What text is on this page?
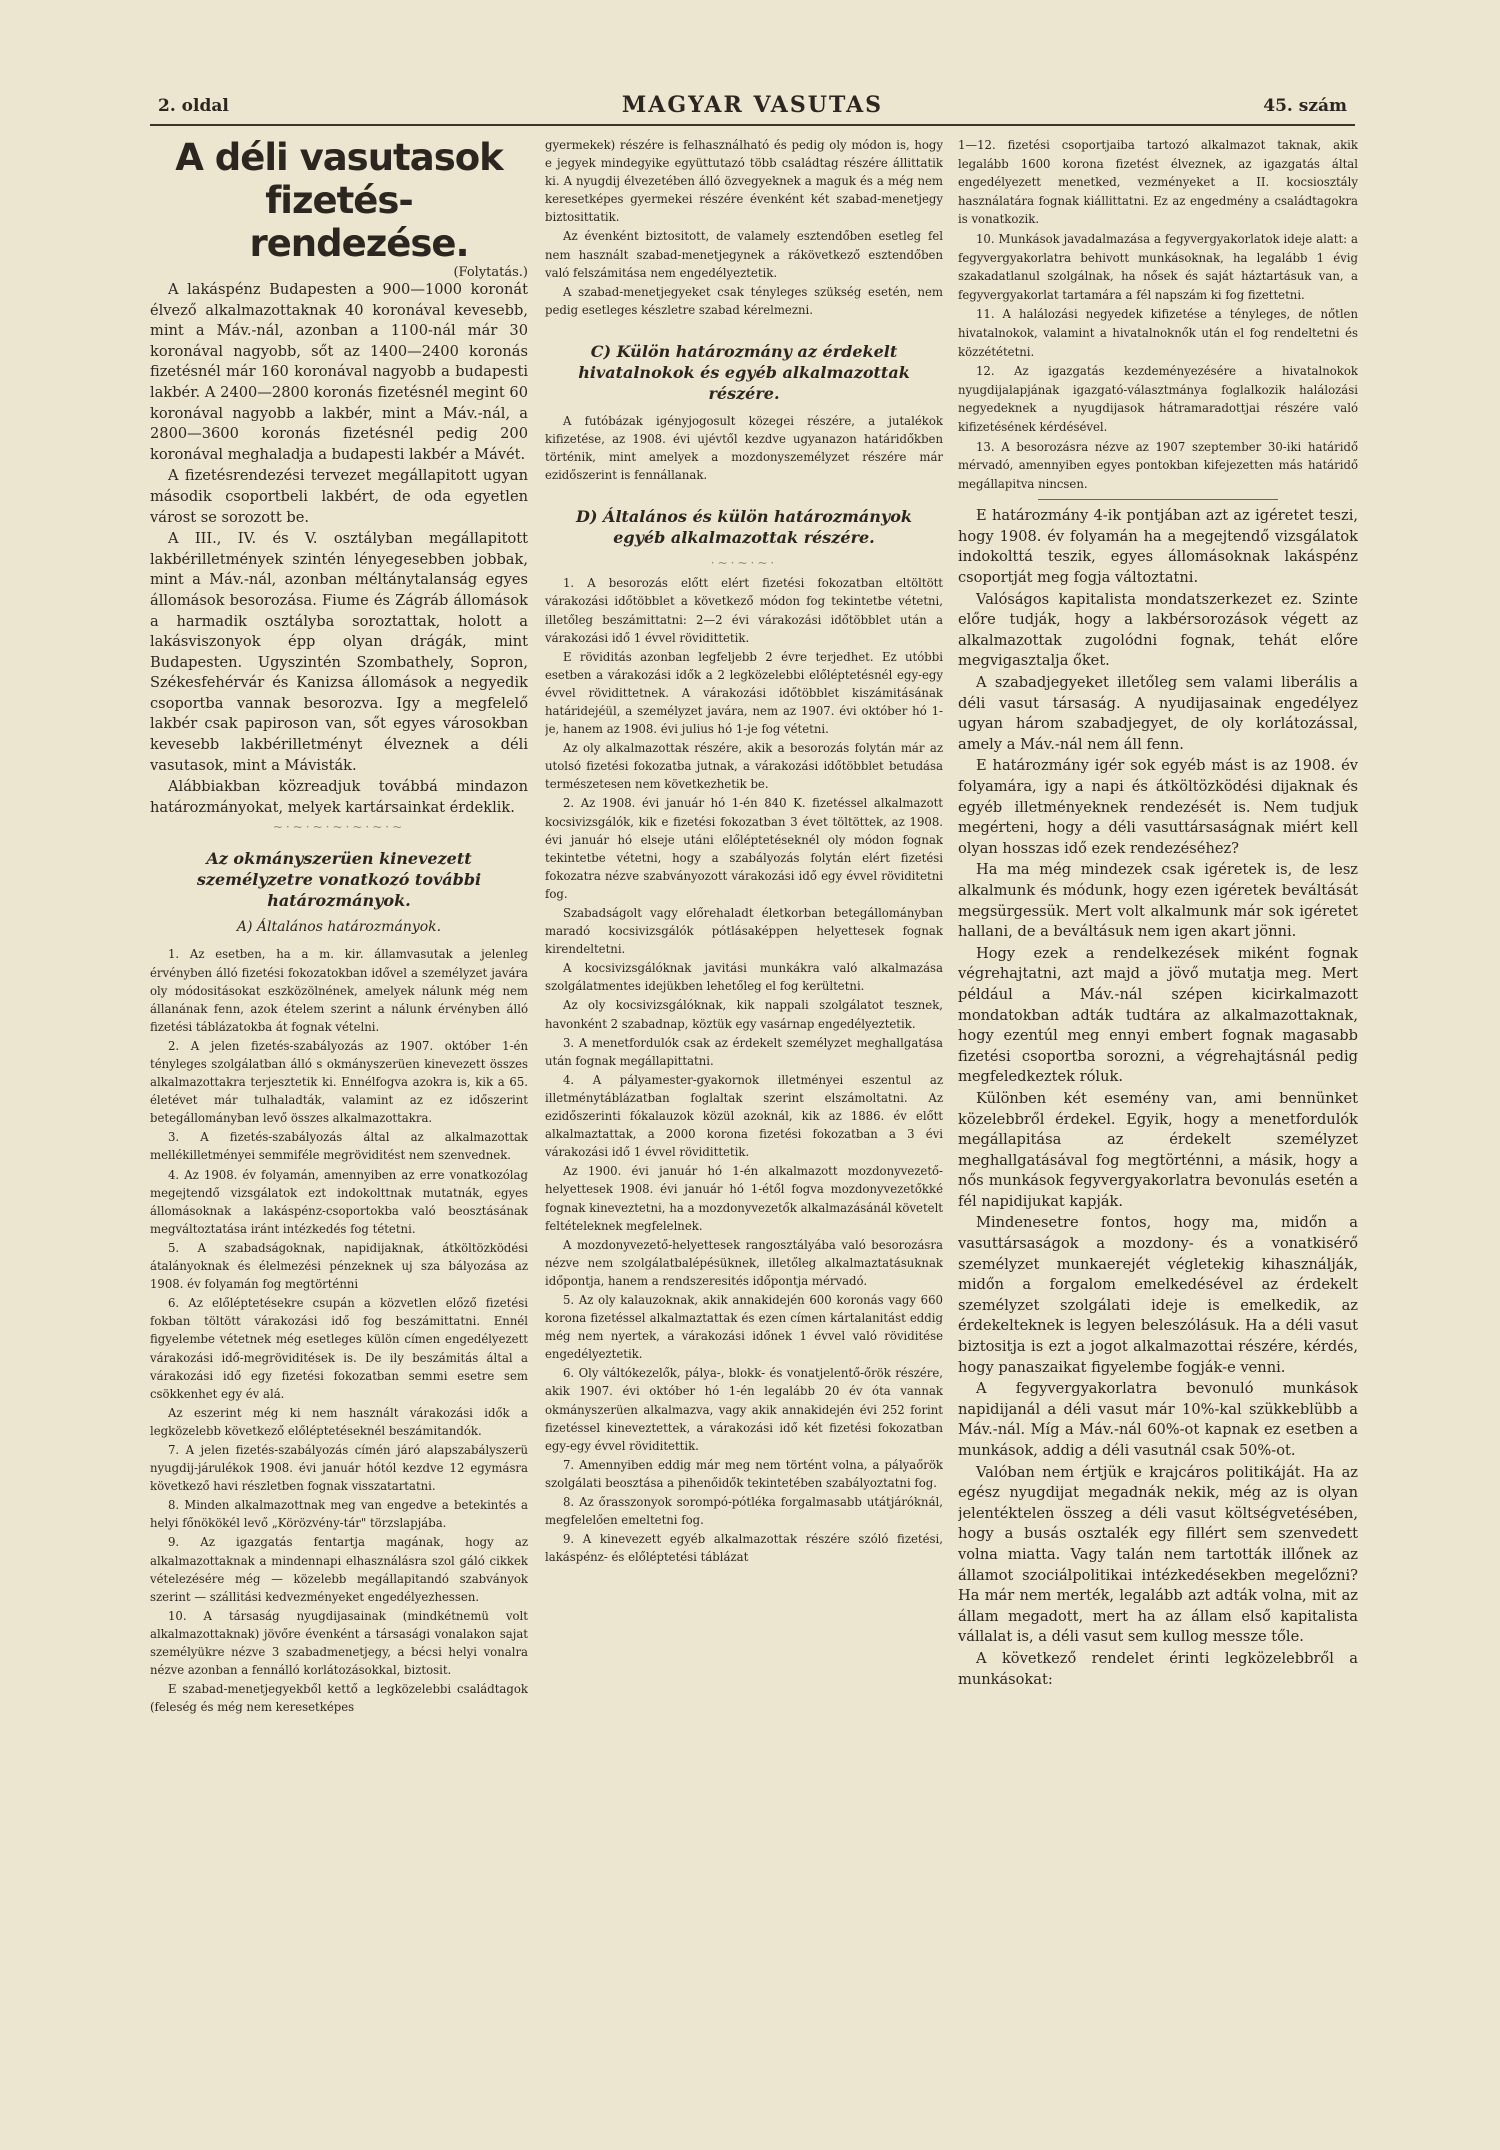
2. oldal	MAGYAR VASUTAS	45. szám

A déli vasutasok fizetés-
rendezése.

(Folytatás.)

A lakáspénz Budapesten a 900—1000 koronát élvező alkalmazottaknak 40 koronával kevesebb, mint a Máv.-nál, azonban a 1100-nál már 30 koronával nagyobb, sőt az 1400—2400 koronás fizetésnél már 160 koronával nagyobb a budapesti lakbér. A 2400—2800 koronás fizetésnél megint 60 koronával nagyobb a lakbér, mint a Máv.-nál, a 2800—3600 koronás fizetésnél pedig 200 koronával meghaladja a budapesti lakbér a Mávét.

A fizetésrendezési tervezet megállapitott ugyan második csoportbeli lakbért, de oda egyetlen várost se sorozott be.

A III., IV. és V. osztályban megállapitott lakbérilletmények szintén lényegesebben jobbak, mint a Máv.-nál, azonban méltánytalanság egyes állomások besorozása. Fiume és Zágráb állomások a harmadik osztályba soroztattak, holott a lakásviszonyok épp olyan drágák, mint Budapesten. Ugyszintén Szombathely, Sopron, Székesfehérvár és Kanizsa állomások a negyedik csoportba vannak besorozva. Igy a megfelelő lakbér csak papiroson van, sőt egyes városokban kevesebb lakbérilletményt élveznek a déli vasutasok, mint a Mávisták.

Alábbiakban közreadjuk továbbá mindazon határozmányokat, melyek kartársainkat érdeklik.

~·~·~·~·~·~·~

Az okmányszerüen kinevezett személyzetre vonatkozó további határozmányok.

A) Általános határozmányok.

1. Az esetben, ha a m. kir. államvasutak a jelenleg érvényben álló fizetési fokozatokban idővel a személyzet javára oly módositásokat eszközölnének, amelyek nálunk még nem állanának fenn, azok ételem szerint a nálunk érvényben álló fizetési táblázatokba át fognak vételni.

2. A jelen fizetés-szabályozás az 1907. október 1-én tényleges szolgálatban álló s okmányszerüen kinevezett összes alkalmazottakra terjesztetik ki. Ennélfogva azokra is, kik a 65. életévet már tulhaladták, valamint az ez időszerint betegállományban levő összes alkalmazottakra.

3. A fizetés-szabályozás által az alkalmazottak mellékilletményei semmiféle megröviditést nem szenvednek.

4. Az 1908. év folyamán, amennyiben az erre vonatkozólag megejtendő vizsgálatok ezt indokolttnak mutatnák, egyes állomásoknak a lakáspénz-csoportokba való beosztásának megváltoztatása iránt intézkedés fog tétetni.

5. A szabadságoknak, napidijaknak, átköltözködési átalányoknak és élelmezési pénzeknek uj sza bályozása az 1908. év folyamán fog megtörténni

6. Az előléptetésekre csupán a közvetlen előző fizetési fokban töltött várakozási idő fog beszámittatni. Ennél figyelembe vétetnek még esetleges külön címen engedélyezett várakozási idő-megröviditések is. De ily beszámitás által a várakozási idő egy fizetési fokozatban semmi esetre sem csökkenhet egy év alá.

Az eszerint még ki nem használt várakozási idők a legközelebb következő előléptetéseknél beszámitandók.

7. A jelen fizetés-szabályozás címén járó alapszabályszerü nyugdij-járulékok 1908. évi január hótól kezdve 12 egymásra következő havi részletben fognak visszatartatni.

8. Minden alkalmazottnak meg van engedve a betekintés a helyi főnökökél levő „Körözvény-tár" törzslapjába.

9. Az igazgatás fentartja magának, hogy az alkalmazottaknak a mindennapi elhasználásra szol gáló cikkek vételezésére még — közelebb megállapitandó szabványok szerint — szállitási kedvezményeket engedélyezhessen.

10. A társaság nyugdijasainak (mindkétnemü volt alkalmazottaknak) jövőre évenként a társasági vonalakon sajat személyükre nézve 3 szabadmenetjegy, a bécsi helyi vonalra nézve azonban a fennálló korlátozásokkal, biztosit.

E szabad-menetjegyekből kettő a legközelebbi családtagok (feleség és még nem keresetképes

gyermekek) részére is felhasználható és pedig oly módon is, hogy e jegyek mindegyike együttutazó több családtag részére állittatik ki. A nyugdij élvezetében álló özvegyeknek a maguk és a még nem keresetképes gyermekei részére évenként két szabad-menetjegy biztosittatik.

Az évenként biztositott, de valamely esztendőben esetleg fel nem használt szabad-menetjegynek a rákövetkező esztendőben való felszámitása nem engedélyeztetik.

A szabad-menetjegyeket csak tényleges szükség esetén, nem pedig esetleges készletre szabad kérelmezni.

C) Külön határozmány az érdekelt hivatalnokok és egyéb alkalmazottak részére.

A futóbázak igényjogosult közegei részére, a jutalékok kifizetése, az 1908. évi ujévtől kezdve ugyanazon határidőkben történik, mint amelyek a mozdonyszemélyzet részére már ezidőszerint is fennállanak.

D) Általános és külön határozmányok egyéb alkalmazottak részére.

·~·~·~·

1. A besorozás előtt elért fizetési fokozatban eltöltött várakozási időtöbblet a következő módon fog tekintetbe vétetni, illetőleg beszámittatni: 2—2 évi várakozási időtöbblet után a várakozási idő 1 évvel rövidittetik.

E röviditás azonban legfeljebb 2 évre terjedhet. Ez utóbbi esetben a várakozási idők a 2 legközelebbi előléptetésnél egy-egy évvel rövidittetnek. A várakozási időtöbblet kiszámitásának határidejéül, a személyzet javára, nem az 1907. évi október hó 1-je, hanem az 1908. évi julius hó 1-je fog vétetni.

Az oly alkalmazottak részére, akik a besorozás folytán már az utolsó fizetési fokozatba jutnak, a várakozási időtöbblet betudása természetesen nem következhetik be.

2. Az 1908. évi január hó 1-én 840 K. fizetéssel alkalmazott kocsivizsgálók, kik e fizetési fokozatban 3 évet töltöttek, az 1908. évi január hó elseje utáni előléptetéseknél oly módon fognak tekintetbe vétetni, hogy a szabályozás folytán elért fizetési fokozatra nézve szabványozott várakozási idő egy évvel röviditetni fog.

Szabadságolt vagy előrehaladt életkorban betegállományban maradó kocsivizsgálók pótlásaképpen helyettesek fognak kirendeltetni.

A kocsivizsgálóknak javitási munkákra való alkalmazása szolgálatmentes idejükben lehetőleg el fog kerültetni.

Az oly kocsivizsgálóknak, kik nappali szolgálatot tesznek, havonként 2 szabadnap, köztük egy vasárnap engedélyeztetik.

3. A menetfordulók csak az érdekelt személyzet meghallgatása után fognak megállapittatni.

4. A pályamester-gyakornok illetményei eszentul az illetménytáblázatban foglaltak szerint elszámoltatni. Az ezidőszerinti fókalauzok közül azoknál, kik az 1886. év előtt alkalmaztattak, a 2000 korona fizetési fokozatban a 3 évi várakozási idő 1 évvel rövidittetik.

Az 1900. évi január hó 1-én alkalmazott mozdonyvezető-helyettesek 1908. évi január hó 1-étől fogva mozdonyvezetőkké fognak kineveztetni, ha a mozdonyvezetők alkalmazásánál követelt feltételeknek megfelelnek.

A mozdonyvezető-helyettesek rangosztályába való besorozásra nézve nem szolgálatbalépésüknek, illetőleg alkalmaztatásuknak időpontja, hanem a rendszeresités időpontja mérvadó.

5. Az oly kalauzoknak, akik annakidején 600 koronás vagy 660 korona fizetéssel alkalmaztattak és ezen címen kártalanitást eddig még nem nyertek, a várakozási időnek 1 évvel való röviditése engedélyeztetik.

6. Oly váltókezelők, pálya-, blokk- és vonatjelentő-őrök részére, akik 1907. évi október hó 1-én legalább 20 év óta vannak okmányszerüen alkalmazva, vagy akik annakidején évi 252 forint fizetéssel kineveztettek, a várakozási idő két fizetési fokozatban egy-egy évvel röviditettik.

7. Amennyiben eddig már meg nem történt volna, a pályaőrök szolgálati beosztása a pihenőidők tekintetében szabályoztatni fog.

8. Az őrasszonyok sorompó-pótléka forgalmasabb utátjáróknál, megfelelően emeltetni fog.

9. A kinevezett egyéb alkalmazottak részére szóló fizetési, lakáspénz- és előléptetési táblázat

1—12. fizetési csoportjaiba tartozó alkalmazot taknak, akik legalább 1600 korona fizetést élveznek, az igazgatás által engedélyezett menetked, vezményeket a II. kocsiosztály használatára fognak kiállittatni. Ez az engedmény a családtagokra is vonatkozik.

10. Munkások javadalmazása a fegyvergyakorlatok ideje alatt: a fegyvergyakorlatra behivott munkásoknak, ha legalább 1 évig szakadatlanul szolgálnak, ha nősek és saját háztartásuk van, a fegyvergyakorlat tartamára a fél napszám ki fog fizettetni.

11. A halálozási negyedek kifizetése a tényleges, de nőtlen hivatalnokok, valamint a hivatalnoknők után el fog rendeltetni és közzététetni.

12. Az igazgatás kezdeményezésére a hivatalnokok nyugdijalapjának igazgató-választmánya foglalkozik halálozási negyedeknek a nyugdijasok hátramaradottjai részére való kifizetésének kérdésével.

13. A besorozásra nézve az 1907 szeptember 30-iki határidő mérvadó, amennyiben egyes pontokban kifejezetten más határidő megállapitva nincsen.

E határozmány 4-ik pontjában azt az igéretet teszi, hogy 1908. év folyamán ha a megejtendő vizsgálatok indokolttá teszik, egyes állomásoknak lakáspénz csoportját meg fogja változtatni.

Valóságos kapitalista mondatszerkezet ez. Szinte előre tudják, hogy a lakbérsorozások végett az alkalmazottak zugolódni fognak, tehát előre megvigasztalja őket.

A szabadjegyeket illetőleg sem valami liberális a déli vasut társaság. A nyudijasainak engedélyez ugyan három szabadjegyet, de oly korlátozással, amely a Máv.-nál nem áll fenn.

E határozmány igér sok egyéb mást is az 1908. év folyamára, igy a napi és átköltözködési dijaknak és egyéb illetményeknek rendezését is. Nem tudjuk megérteni, hogy a déli vasuttársaságnak miért kell olyan hosszas idő ezek rendezéséhez?

Ha ma még mindezek csak igéretek is, de lesz alkalmunk és módunk, hogy ezen igéretek beváltását megsürgessük. Mert volt alkalmunk már sok igéretet hallani, de a beváltásuk nem igen akart jönni.

Hogy ezek a rendelkezések miként fognak végrehajtatni, azt majd a jövő mutatja meg. Mert például a Máv.-nál szépen kicirkalmazott mondatokban adták tudtára az alkalmazottaknak, hogy ezentúl meg ennyi embert fognak magasabb fizetési csoportba sorozni, a végrehajtásnál pedig megfeledkeztek róluk.

Különben két esemény van, ami bennünket közelebbről érdekel. Egyik, hogy a menetfordulók megállapitása az érdekelt személyzet meghallgatásával fog megtörténni, a másik, hogy a nős munkások fegyvergyakorlatra bevonulás esetén a fél napidijukat kapják.

Mindenesetre fontos, hogy ma, midőn a vasuttársaságok a mozdony- és a vonatkisérő személyzet munkaerejét végletekig kihasználják, midőn a forgalom emelkedésével az érdekelt személyzet szolgálati ideje is emelkedik, az érdekelteknek is legyen beleszólásuk. Ha a déli vasut biztositja is ezt a jogot alkalmazottai részére, kérdés, hogy panaszaikat figyelembe fogják-e venni.

A fegyvergyakorlatra bevonuló munkások napidijanál a déli vasut már 10%-kal szükkeblübb a Máv.-nál. Míg a Máv.-nál 60%-ot kapnak ez esetben a munkások, addig a déli vasutnál csak 50%-ot.

Valóban nem értjük e krajcáros politikáját. Ha az egész nyugdijat megadnák nekik, még az is olyan jelentéktelen összeg a déli vasut költségvetésében, hogy a busás osztalék egy fillért sem szenvedett volna miatta. Vagy talán nem tartották illőnek az államot szociálpolitikai intézkedésekben megelőzni? Ha már nem merték, legalább azt adták volna, mit az állam megadott, mert ha az állam első kapitalista vállalat is, a déli vasut sem kullog messze tőle.

A következő rendelet érinti legközelebbről a munkásokat:
